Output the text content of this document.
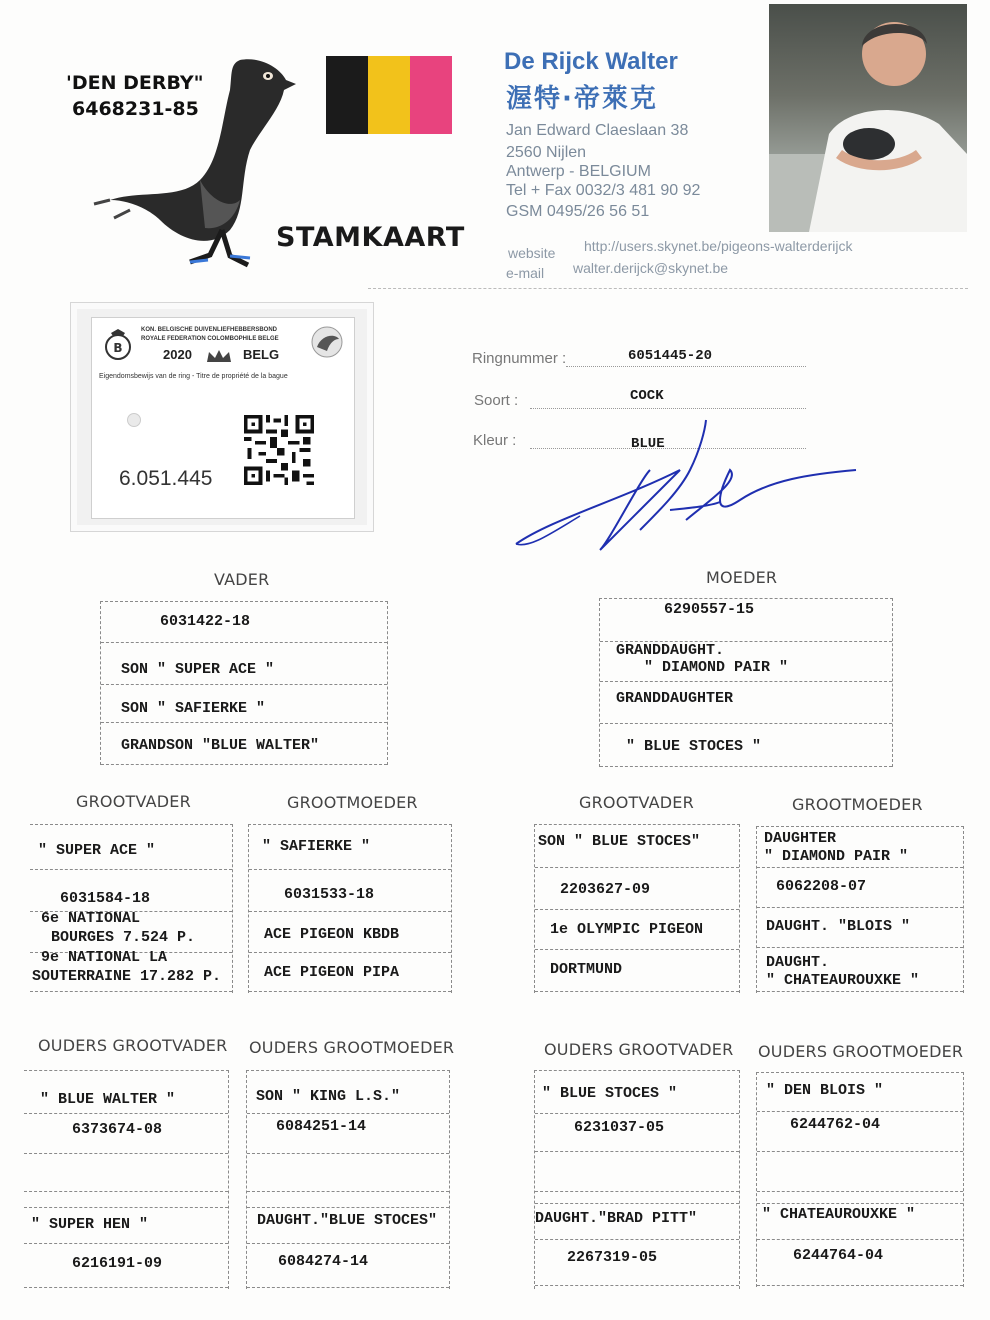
'DEN DERBY"
6468231-85
STAMKAART
De Rijck Walter
渥特·帝萊克
Jan Edward Claeslaan 38
2560 Nijlen
Antwerp - BELGIUM
Tel + Fax 0032/3 481 90 92
GSM 0495/26 56 51
website http://users.skynet.be/pigeons-walterderijck
e-mail walter.derijck@skynet.be
B
KON. BELGISCHE DUIVENLIEFHEBBERSBOND
ROYALE FEDERATION COLOMBOPHILE BELGE
2020	BELG
Eigendomsbewijs van de ring - Titre de propriété de la bague
6.051.445
Ringnummer :	6051445-20
Soort :	COCK
Kleur :	BLUE
VADER
6031422-18
SON " SUPER ACE "
SON " SAFIERKE "
GRANDSON "BLUE WALTER"
MOEDER
6290557-15
GRANDDAUGHT.
" DIAMOND PAIR "
GRANDDAUGHTER
" BLUE STOCES "
GROOTVADER	GROOTMOEDER	GROOTVADER	GROOTMOEDER
" SUPER ACE "
6031584-18
6e NATIONAL
BOURGES 7.524 P.
9e NATIONAL LA
SOUTERRAINE 17.282 P.
" SAFIERKE "
6031533-18
ACE PIGEON KBDB
ACE PIGEON PIPA
SON " BLUE STOCES"
2203627-09
1e OLYMPIC PIGEON
DORTMUND
DAUGHTER
" DIAMOND PAIR "
6062208-07
DAUGHT. "BLOIS "
DAUGHT.
" CHATEAUROUXKE "
OUDERS GROOTVADER OUDERS GROOTMOEDER	OUDERS GROOTVADER OUDERS GROOTMOEDER
" BLUE WALTER "
6373674-08
" SUPER HEN "
6216191-09
SON " KING L.S."
6084251-14
DAUGHT."BLUE STOCES"
6084274-14
" BLUE STOCES "
6231037-05
DAUGHT."BRAD PITT"
2267319-05
" DEN BLOIS "
6244762-04
" CHATEAUROUXKE "
6244764-04
